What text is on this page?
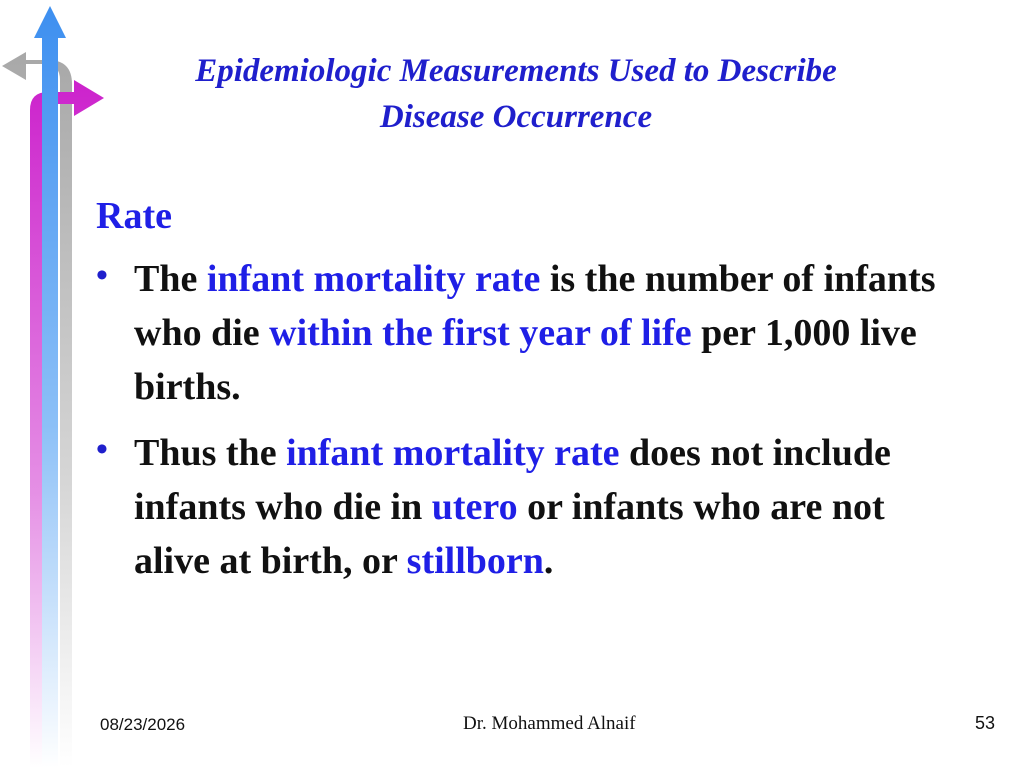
Epidemiologic Measurements Used to Describe
Disease Occurrence
Rate
• The infant mortality rate is the number of infants who die within the first year of life per 1,000 live births.
• Thus the infant mortality rate does not include infants who die in utero or infants who are not alive at birth, or stillborn.
08/23/2026	Dr. Mohammed Alnaif	53
